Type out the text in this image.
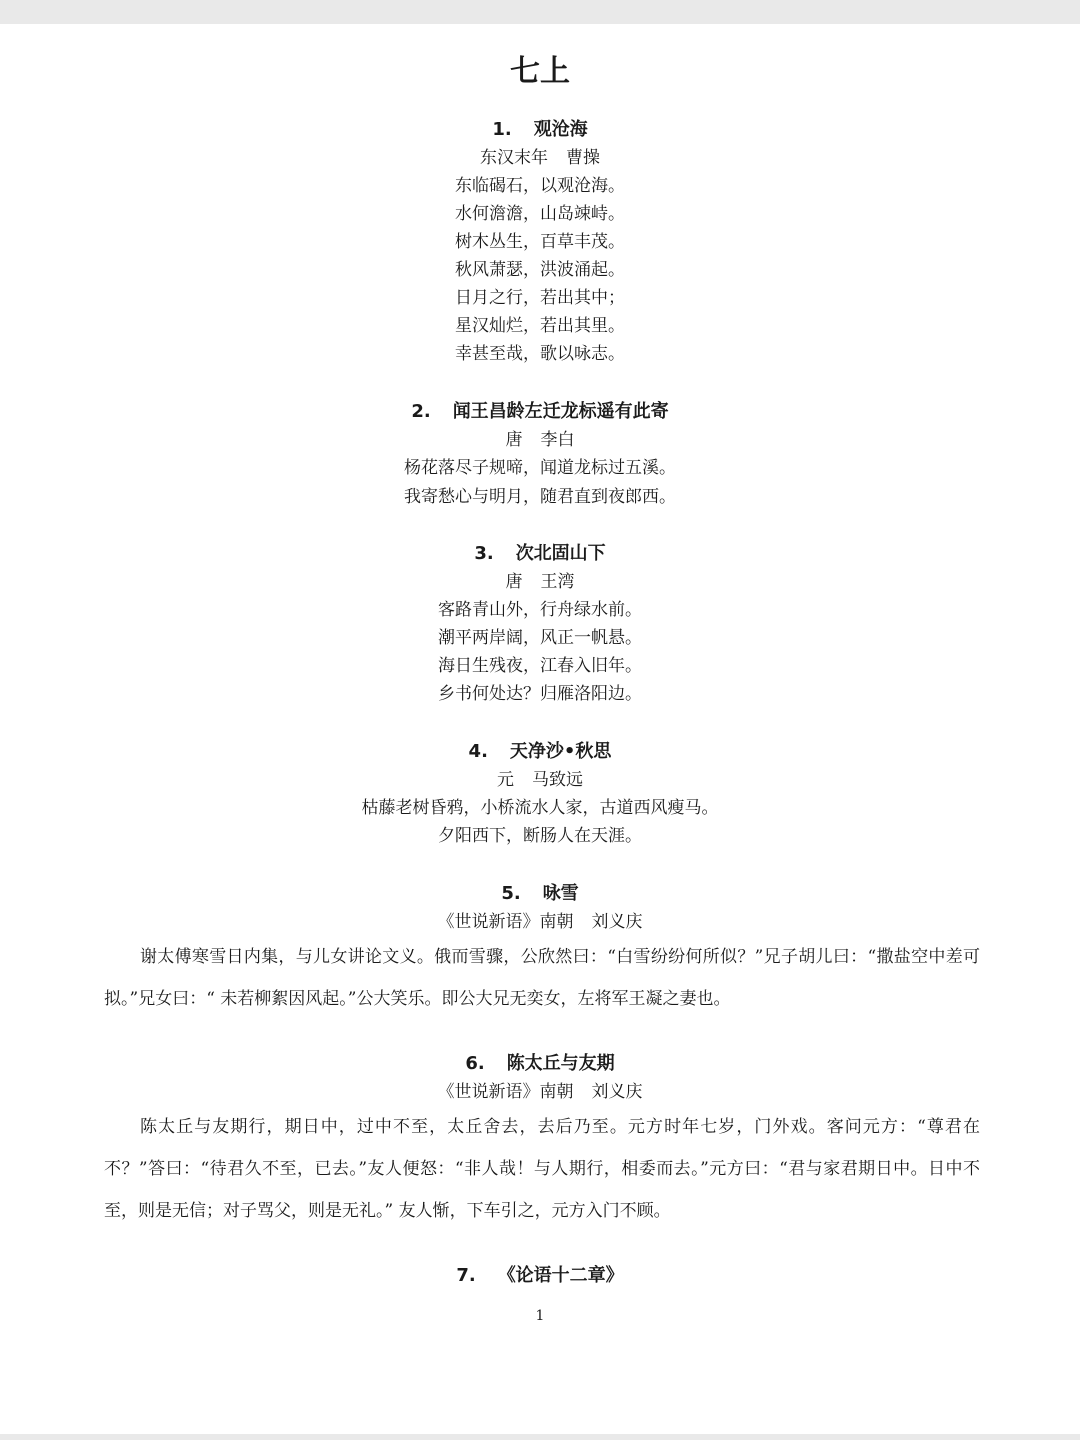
七上
1. 观沧海
东汉末年 曹操
东临碣石，以观沧海。
水何澹澹，山岛竦峙。
树木丛生，百草丰茂。
秋风萧瑟，洪波涌起。
日月之行，若出其中；
星汉灿烂，若出其里。
幸甚至哉，歌以咏志。
2. 闻王昌龄左迁龙标遥有此寄
唐 李白
杨花落尽子规啼，闻道龙标过五溪。
我寄愁心与明月，随君直到夜郎西。
3. 次北固山下
唐 王湾
客路青山外，行舟绿水前。
潮平两岸阔，风正一帆悬。
海日生残夜，江春入旧年。
乡书何处达？归雁洛阳边。
4. 天净沙•秋思
元 马致远
枯藤老树昏鸦，小桥流水人家，古道西风瘦马。
夕阳西下，断肠人在天涯。
5. 咏雪
《世说新语》南朝 刘义庆
谢太傅寒雪日内集，与儿女讲论文义。俄而雪骤，公欣然曰：“白雪纷纷何所似？”兄子胡儿曰：“撒盐空中差可拟。”兄女曰：“ 未若柳絮因风起。”公大笑乐。即公大兄无奕女，左将军王凝之妻也。
6. 陈太丘与友期
《世说新语》南朝 刘义庆
陈太丘与友期行，期日中，过中不至，太丘舍去，去后乃至。元方时年七岁，门外戏。客问元方：“尊君在不？”答曰：“待君久不至，已去。”友人便怒：“非人哉！与人期行，相委而去。”元方曰：“君与家君期日中。日中不至，则是无信；对子骂父，则是无礼。” 友人惭，下车引之，元方入门不顾。
7. 《论语十二章》
1
